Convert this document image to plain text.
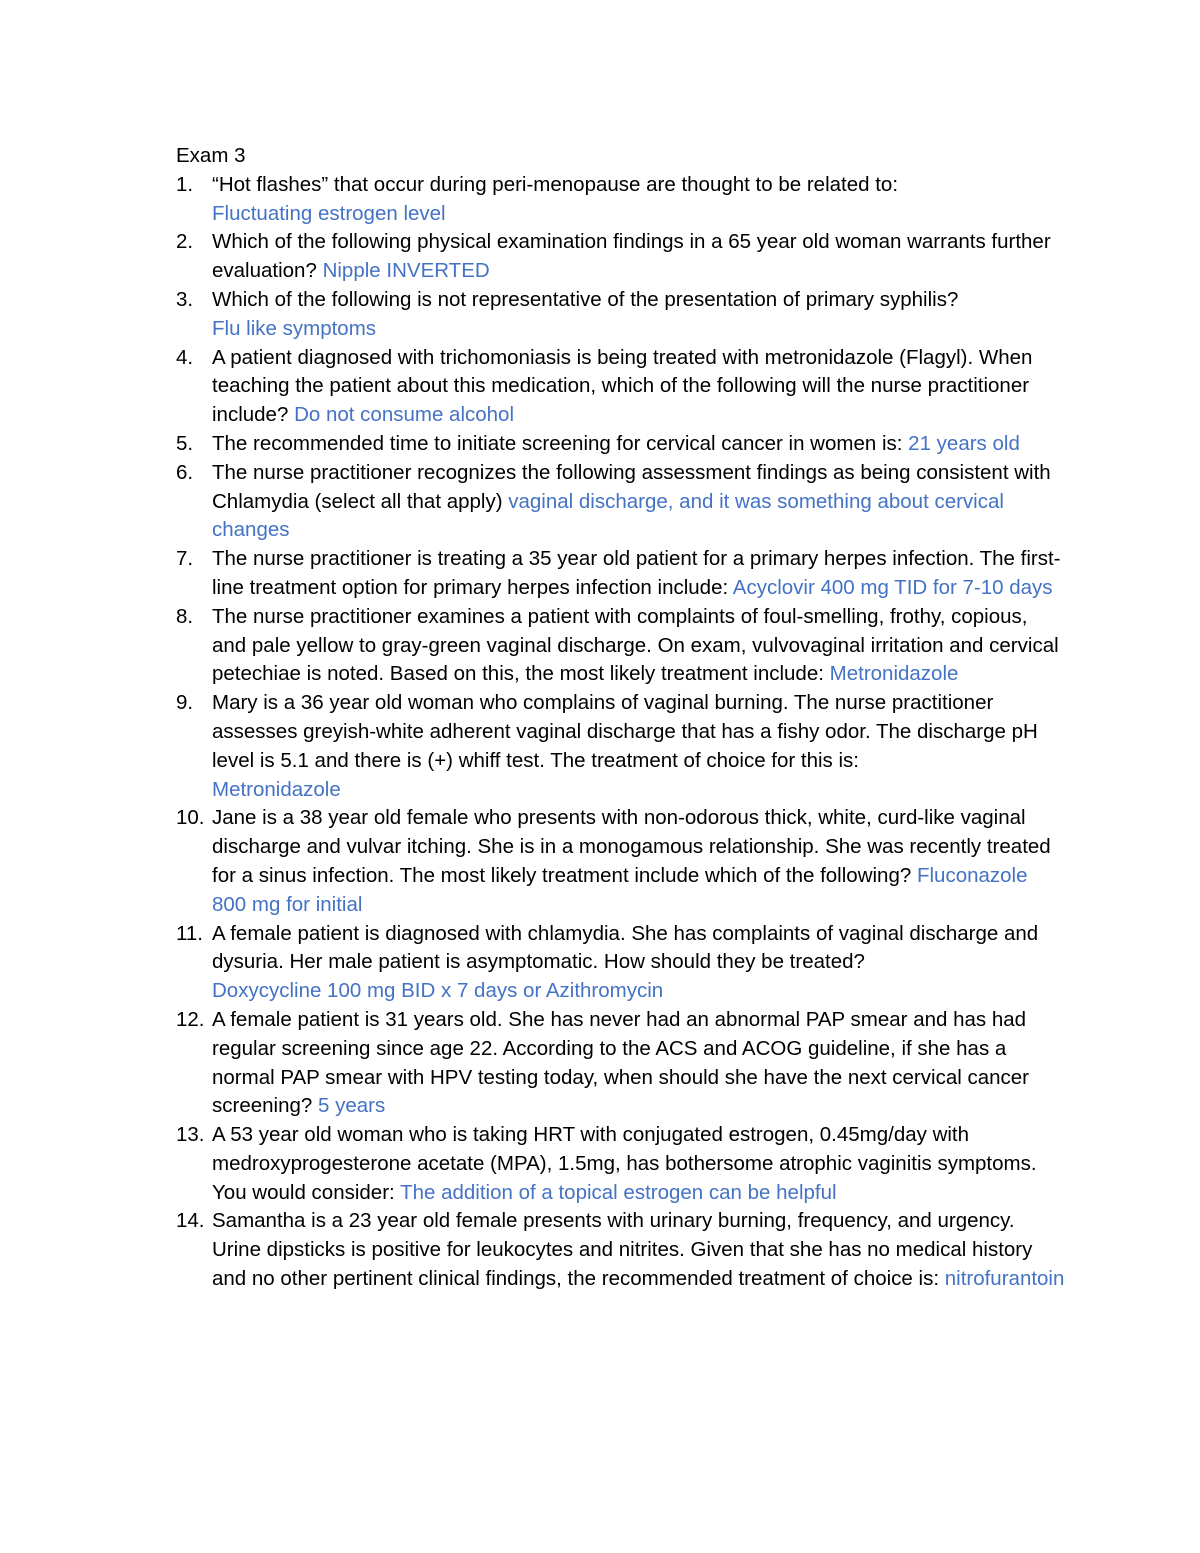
Exam 3
1. “Hot flashes” that occur during peri-menopause are thought to be related to:
Fluctuating estrogen level
2. Which of the following physical examination findings in a 65 year old woman warrants further evaluation? Nipple INVERTED
3. Which of the following is not representative of the presentation of primary syphilis?
Flu like symptoms
4. A patient diagnosed with trichomoniasis is being treated with metronidazole (Flagyl). When teaching the patient about this medication, which of the following will the nurse practitioner include? Do not consume alcohol
5. The recommended time to initiate screening for cervical cancer in women is: 21 years old
6. The nurse practitioner recognizes the following assessment findings as being consistent with Chlamydia (select all that apply) vaginal discharge, and it was something about cervical changes
7. The nurse practitioner is treating a 35 year old patient for a primary herpes infection. The first-line treatment option for primary herpes infection include: Acyclovir 400 mg TID for 7-10 days
8. The nurse practitioner examines a patient with complaints of foul-smelling, frothy, copious, and pale yellow to gray-green vaginal discharge. On exam, vulvovaginal irritation and cervical petechiae is noted. Based on this, the most likely treatment include: Metronidazole
9. Mary is a 36 year old woman who complains of vaginal burning. The nurse practitioner assesses greyish-white adherent vaginal discharge that has a fishy odor. The discharge pH level is 5.1 and there is (+) whiff test. The treatment of choice for this is:
Metronidazole
10. Jane is a 38 year old female who presents with non-odorous thick, white, curd-like vaginal discharge and vulvar itching. She is in a monogamous relationship. She was recently treated for a sinus infection. The most likely treatment include which of the following? Fluconazole 800 mg for initial
11. A female patient is diagnosed with chlamydia. She has complaints of vaginal discharge and dysuria. Her male patient is asymptomatic. How should they be treated?
Doxycycline 100 mg BID x 7 days or Azithromycin
12. A female patient is 31 years old. She has never had an abnormal PAP smear and has had regular screening since age 22. According to the ACS and ACOG guideline, if she has a normal PAP smear with HPV testing today, when should she have the next cervical cancer screening? 5 years
13. A 53 year old woman who is taking HRT with conjugated estrogen, 0.45mg/day with medroxyprogesterone acetate (MPA), 1.5mg, has bothersome atrophic vaginitis symptoms. You would consider: The addition of a topical estrogen can be helpful
14. Samantha is a 23 year old female presents with urinary burning, frequency, and urgency. Urine dipsticks is positive for leukocytes and nitrites. Given that she has no medical history and no other pertinent clinical findings, the recommended treatment of choice is: nitrofurantoin
